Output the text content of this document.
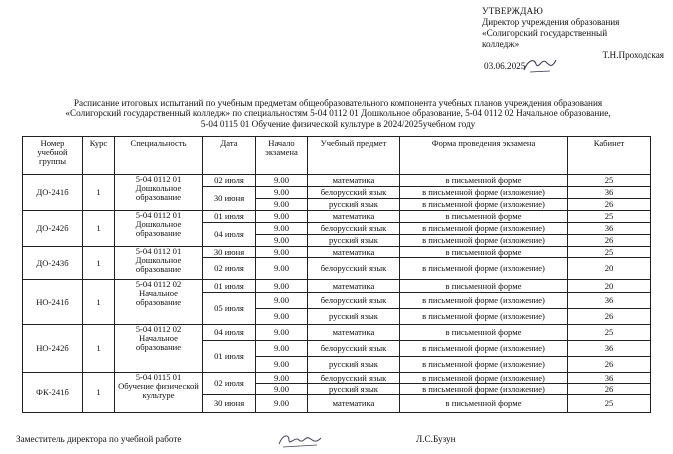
УТВЕРЖДАЮ
Директор учреждения образования
«Солигорский государственный
колледж»
Т.Н.Проходская
03.06.2025
Расписание итоговых испытаний по учебным предметам общеобразовательного компонента учебных планов учреждения образования
«Солигорский государственный колледж» по специальностям 5-04 0112 01 Дошкольное образование, 5-04 0112 02 Начальное образование,
5-04 0115 01 Обучение физической культуре в 2024/2025учебном году
Номер учебной группы	Курс	Специальность	Дата	Начало экзамена	Учебный предмет	Форма проведения экзамена	Кабинет
ДО-241б	1	5-04 0112 01 Дошкольное образование	02 июля	9.00	математика	в письменной форме	25
			30 июня	9.00	белорусский язык	в письменной форме (изложение)	36
				9.00	русский язык	в письменной форме (изложение)	26
ДО-242б	1	5-04 0112 01 Дошкольное образование	01 июля	9.00	математика	в письменной форме	25
			04 июля	9.00	белорусский язык	в письменной форме (изложение)	36
				9.00	русский язык	в письменной форме (изложение)	26
ДО-243б	1	5-04 0112 01 Дошкольное образование	30 июня	9.00	математика	в письменной форме	25
			02 июля	9.00	белорусский язык	в письменной форме (изложение)	20
НО-241б	1	5-04 0112 02 Начальное образование	01 июля	9.00	математика	в письменной форме	20
			05 июля	9.00	белорусский язык	в письменной форме (изложение)	36
				9.00	русский язык	в письменной форме (изложение)	26
НО-242б	1	5-04 0112 02 Начальное образование	04 июля	9.00	математика	в письменной форме	25
			01 июля	9.00	белорусский язык	в письменной форме (изложение)	36
				9.00	русский язык	в письменной форме (изложение)	26
ФК-241б	1	5-04 0115 01 Обучение физической культуре	02 июля	9.00	белорусский язык	в письменной форме (изложение)	36
				9.00	русский язык	в письменной форме (изложение)	26
			30 июня	9.00	математика	в письменной форме	25
Заместитель директора по учебной работе	Л.С.Бузун
